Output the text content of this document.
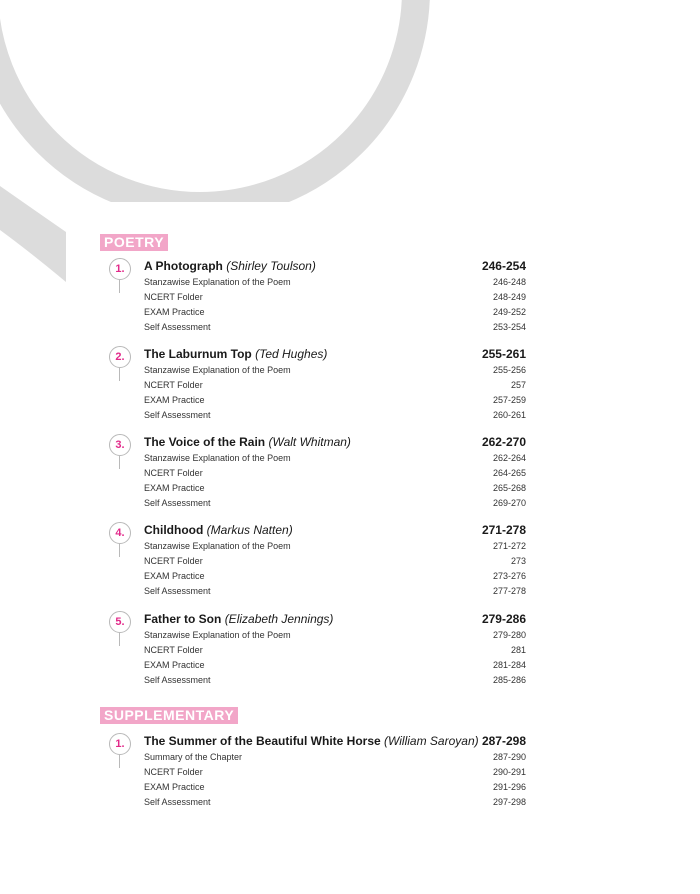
POETRY
1.	A Photograph (Shirley Toulson)	246-254
Stanzawise Explanation of the Poem	246-248
NCERT Folder	248-249
EXAM Practice	249-252
Self Assessment	253-254
2.	The Laburnum Top (Ted Hughes)	255-261
Stanzawise Explanation of the Poem	255-256
NCERT Folder	257
EXAM Practice	257-259
Self Assessment	260-261
3.	The Voice of the Rain (Walt Whitman)	262-270
Stanzawise Explanation of the Poem	262-264
NCERT Folder	264-265
EXAM Practice	265-268
Self Assessment	269-270
4.	Childhood (Markus Natten)	271-278
Stanzawise Explanation of the Poem	271-272
NCERT Folder	273
EXAM Practice	273-276
Self Assessment	277-278
5.	Father to Son (Elizabeth Jennings)	279-286
Stanzawise Explanation of the Poem	279-280
NCERT Folder	281
EXAM Practice	281-284
Self Assessment	285-286
SUPPLEMENTARY
1.	The Summer of the Beautiful White Horse (William Saroyan) 287-298
Summary of the Chapter	287-290
NCERT Folder	290-291
EXAM Practice	291-296
Self Assessment	297-298
